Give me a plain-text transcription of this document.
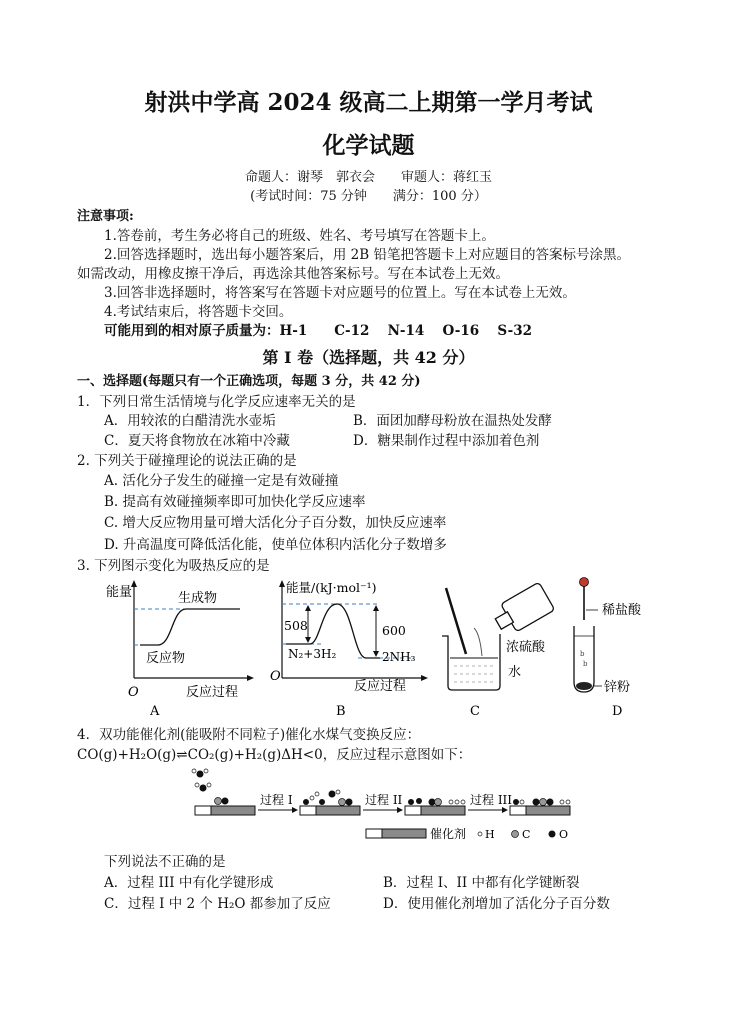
射洪中学高 2024 级高二上期第一学月考试
化学试题
命题人：谢琴　郭衣会　　审题人：蒋红玉
(考试时间：75 分钟　　满分：100 分）
注意事项:
1.答卷前，考生务必将自己的班级、姓名、考号填写在答题卡上。
2.回答选择题时，选出每小题答案后，用 2B 铅笔把答题卡上对应题目的答案标号涂黑。
如需改动，用橡皮擦干净后，再选涂其他答案标号。写在本试卷上无效。
3.回答非选择题时，将答案写在答题卡对应题号的位置上。写在本试卷上无效。
4.考试结束后，将答题卡交回。
可能用到的相对原子质量为：H-1　　C-12　 N-14 　O-16　 S-32
第 I 卷（选择题，共 42 分）
一、选择题(每题只有一个正确选项，每题 3 分，共 42 分)
1．下列日常生活情境与化学反应速率无关的是
A．用较浓的白醋清洗水壶垢	B．面团加酵母粉放在温热处发酵
C．夏天将食物放在冰箱中冷藏	D．糖果制作过程中添加着色剂
2. 下列关于碰撞理论的说法正确的是
A. 活化分子发生的碰撞一定是有效碰撞
B. 提高有效碰撞频率即可加快化学反应速率
C. 增大反应物用量可增大活化分子百分数，加快反应速率
D. 升高温度可降低活化能，使单位体积内活化分子数增多
3. 下列图示变化为吸热反应的是
能量	生成物
反应物
O	反应过程
A
能量/(kJ·mol⁻¹)
508	600
N₂+3H₂	2NH₃
O
反应过程
B
浓硫酸
水
C
b
b
稀盐酸
锌粉
D
4．双功能催化剂(能吸附不同粒子)催化水煤气变换反应：
CO(g)+H₂O(g)⇌CO₂(g)+H₂(g)ΔH<0，反应过程示意图如下：
过程 I	过程 II	过程 III
催化剂 H C	O
下列说法不正确的是
A．过程 III 中有化学键形成	B．过程 I、II 中都有化学键断裂
C．过程 I 中 2 个 H₂O 都参加了反应	D．使用催化剂增加了活化分子百分数
